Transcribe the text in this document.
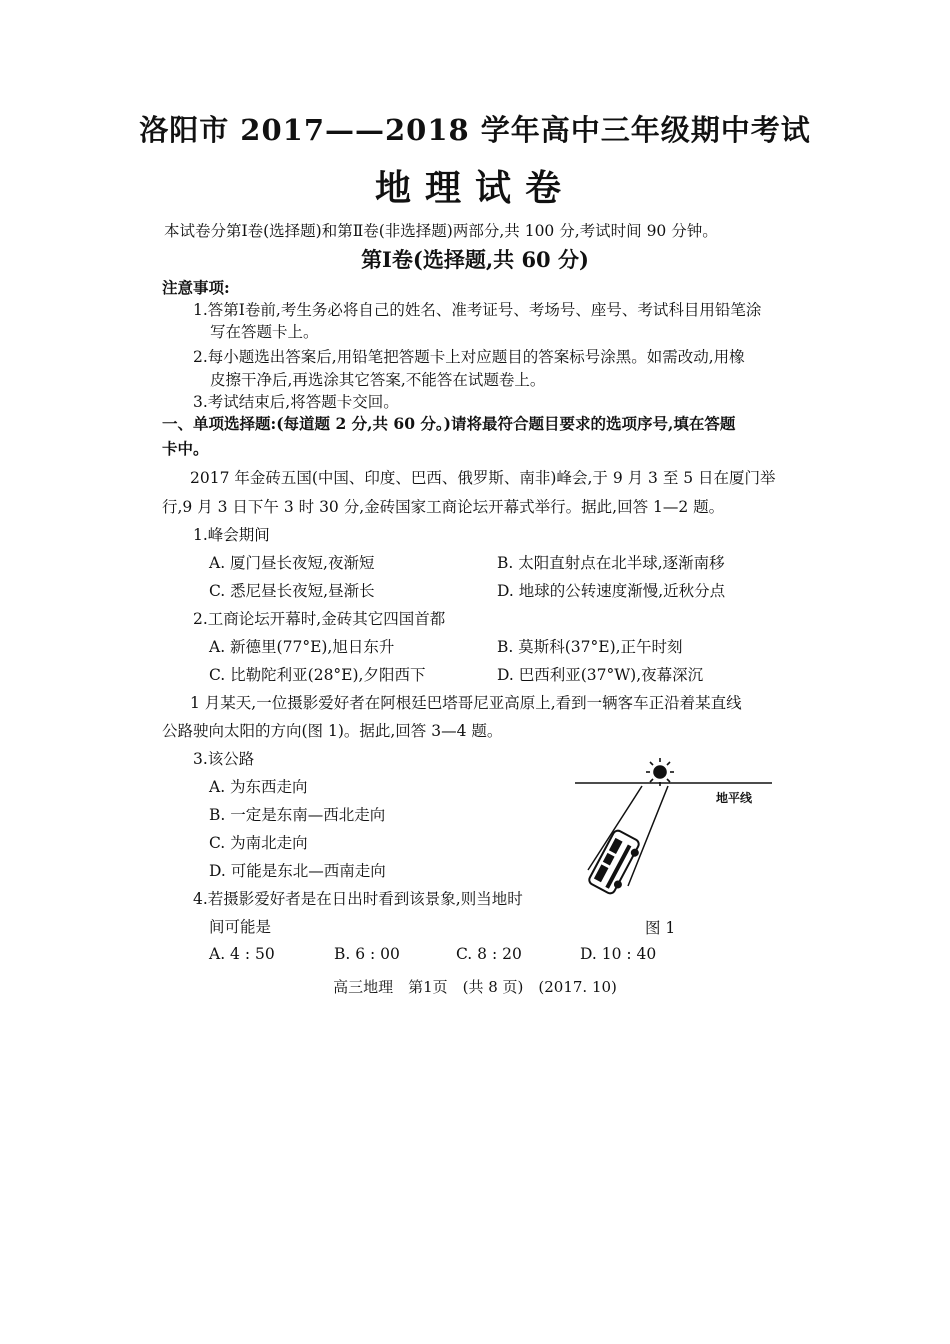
洛阳市 2017——2018 学年高中三年级期中考试
地理试卷
本试卷分第Ⅰ卷(选择题)和第Ⅱ卷(非选择题)两部分,共 100 分,考试时间 90 分钟。
第Ⅰ卷(选择题,共 60 分)
注意事项:
1.答第Ⅰ卷前,考生务必将自己的姓名、准考证号、考场号、座号、考试科目用铅笔涂
写在答题卡上。
2.每小题选出答案后,用铅笔把答题卡上对应题目的答案标号涂黑。如需改动,用橡
皮擦干净后,再选涂其它答案,不能答在试题卷上。
3.考试结束后,将答题卡交回。
一、单项选择题:(每道题 2 分,共 60 分。)请将最符合题目要求的选项序号,填在答题
卡中。
2017 年金砖五国(中国、印度、巴西、俄罗斯、南非)峰会,于 9 月 3 至 5 日在厦门举
行,9 月 3 日下午 3 时 30 分,金砖国家工商论坛开幕式举行。据此,回答 1—2 题。
1.峰会期间
A. 厦门昼长夜短,夜渐短	B. 太阳直射点在北半球,逐渐南移
C. 悉尼昼长夜短,昼渐长	D. 地球的公转速度渐慢,近秋分点
2.工商论坛开幕时,金砖其它四国首都
A. 新德里(77°E),旭日东升	B. 莫斯科(37°E),正午时刻
C. 比勒陀利亚(28°E),夕阳西下	D. 巴西利亚(37°W),夜幕深沉
1 月某天,一位摄影爱好者在阿根廷巴塔哥尼亚高原上,看到一辆客车正沿着某直线
公路驶向太阳的方向(图 1)。据此,回答 3—4 题。
3.该公路
A. 为东西走向
B. 一定是东南—西北走向
C. 为南北走向
D. 可能是东北—西南走向
4.若摄影爱好者是在日出时看到该景象,则当地时
间可能是
A. 4 : 50	B. 6 : 00	C. 8 : 20	D. 10 : 40
地平线
图 1
高三地理　第1页　(共 8 页)　(2017. 10)
